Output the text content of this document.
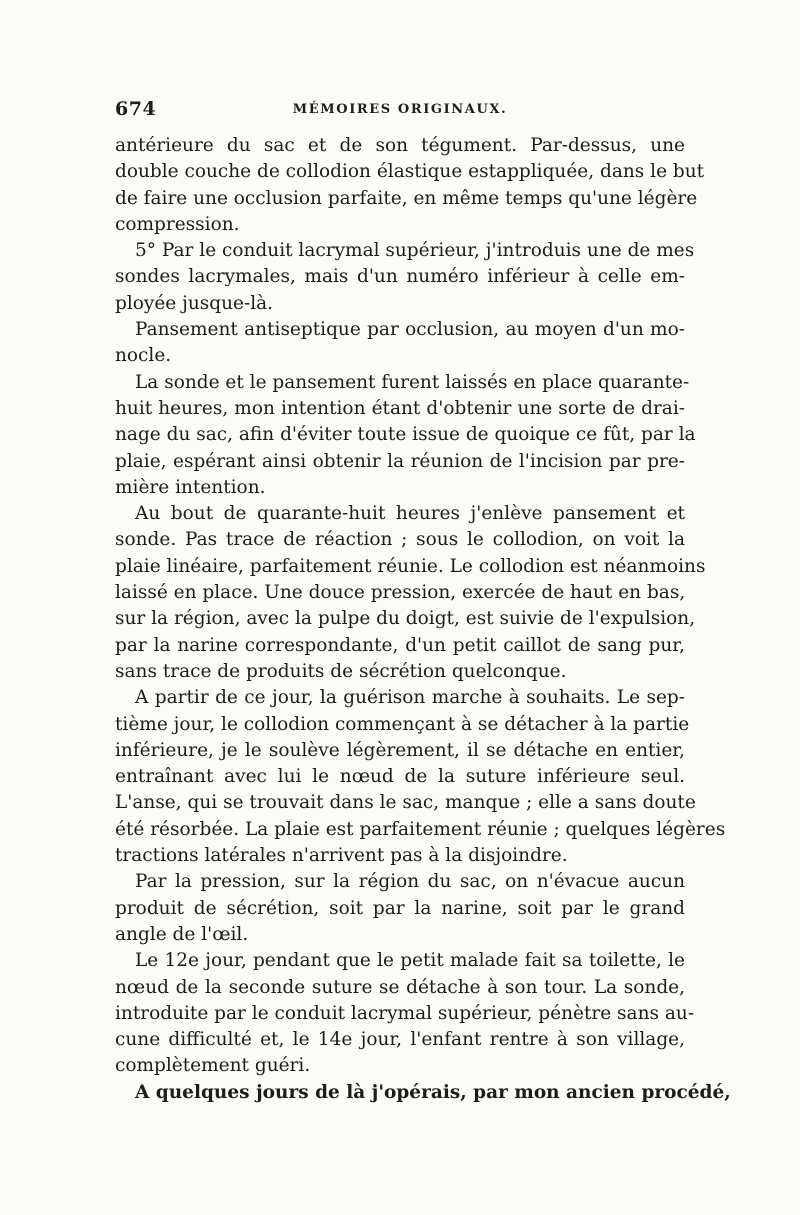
674	MÉMOIRES ORIGINAUX.
antérieure du sac et de son tégument. Par-dessus, une
double couche de collodion élastique estappliquée, dans le but
de faire une occlusion parfaite, en même temps qu'une légère
compression.
5° Par le conduit lacrymal supérieur, j'introduis une de mes
sondes lacrymales, mais d'un numéro inférieur à celle em-
ployée jusque-là.
Pansement antiseptique par occlusion, au moyen d'un mo-
nocle.
La sonde et le pansement furent laissés en place quarante-
huit heures, mon intention étant d'obtenir une sorte de drai-
nage du sac, afin d'éviter toute issue de quoique ce fût, par la
plaie, espérant ainsi obtenir la réunion de l'incision par pre-
mière intention.
Au bout de quarante-huit heures j'enlève pansement et
sonde. Pas trace de réaction ; sous le collodion, on voit la
plaie linéaire, parfaitement réunie. Le collodion est néanmoins
laissé en place. Une douce pression, exercée de haut en bas,
sur la région, avec la pulpe du doigt, est suivie de l'expulsion,
par la narine correspondante, d'un petit caillot de sang pur,
sans trace de produits de sécrétion quelconque.
A partir de ce jour, la guérison marche à souhaits. Le sep-
tième jour, le collodion commençant à se détacher à la partie
inférieure, je le soulève légèrement, il se détache en entier,
entraînant avec lui le nœud de la suture inférieure seul.
L'anse, qui se trouvait dans le sac, manque ; elle a sans doute
été résorbée. La plaie est parfaitement réunie ; quelques légères
tractions latérales n'arrivent pas à la disjoindre.
Par la pression, sur la région du sac, on n'évacue aucun
produit de sécrétion, soit par la narine, soit par le grand
angle de l'œil.
Le 12e jour, pendant que le petit malade fait sa toilette, le
nœud de la seconde suture se détache à son tour. La sonde,
introduite par le conduit lacrymal supérieur, pénètre sans au-
cune difficulté et, le 14e jour, l'enfant rentre à son village,
complètement guéri.
A quelques jours de là j'opérais, par mon ancien procédé,
